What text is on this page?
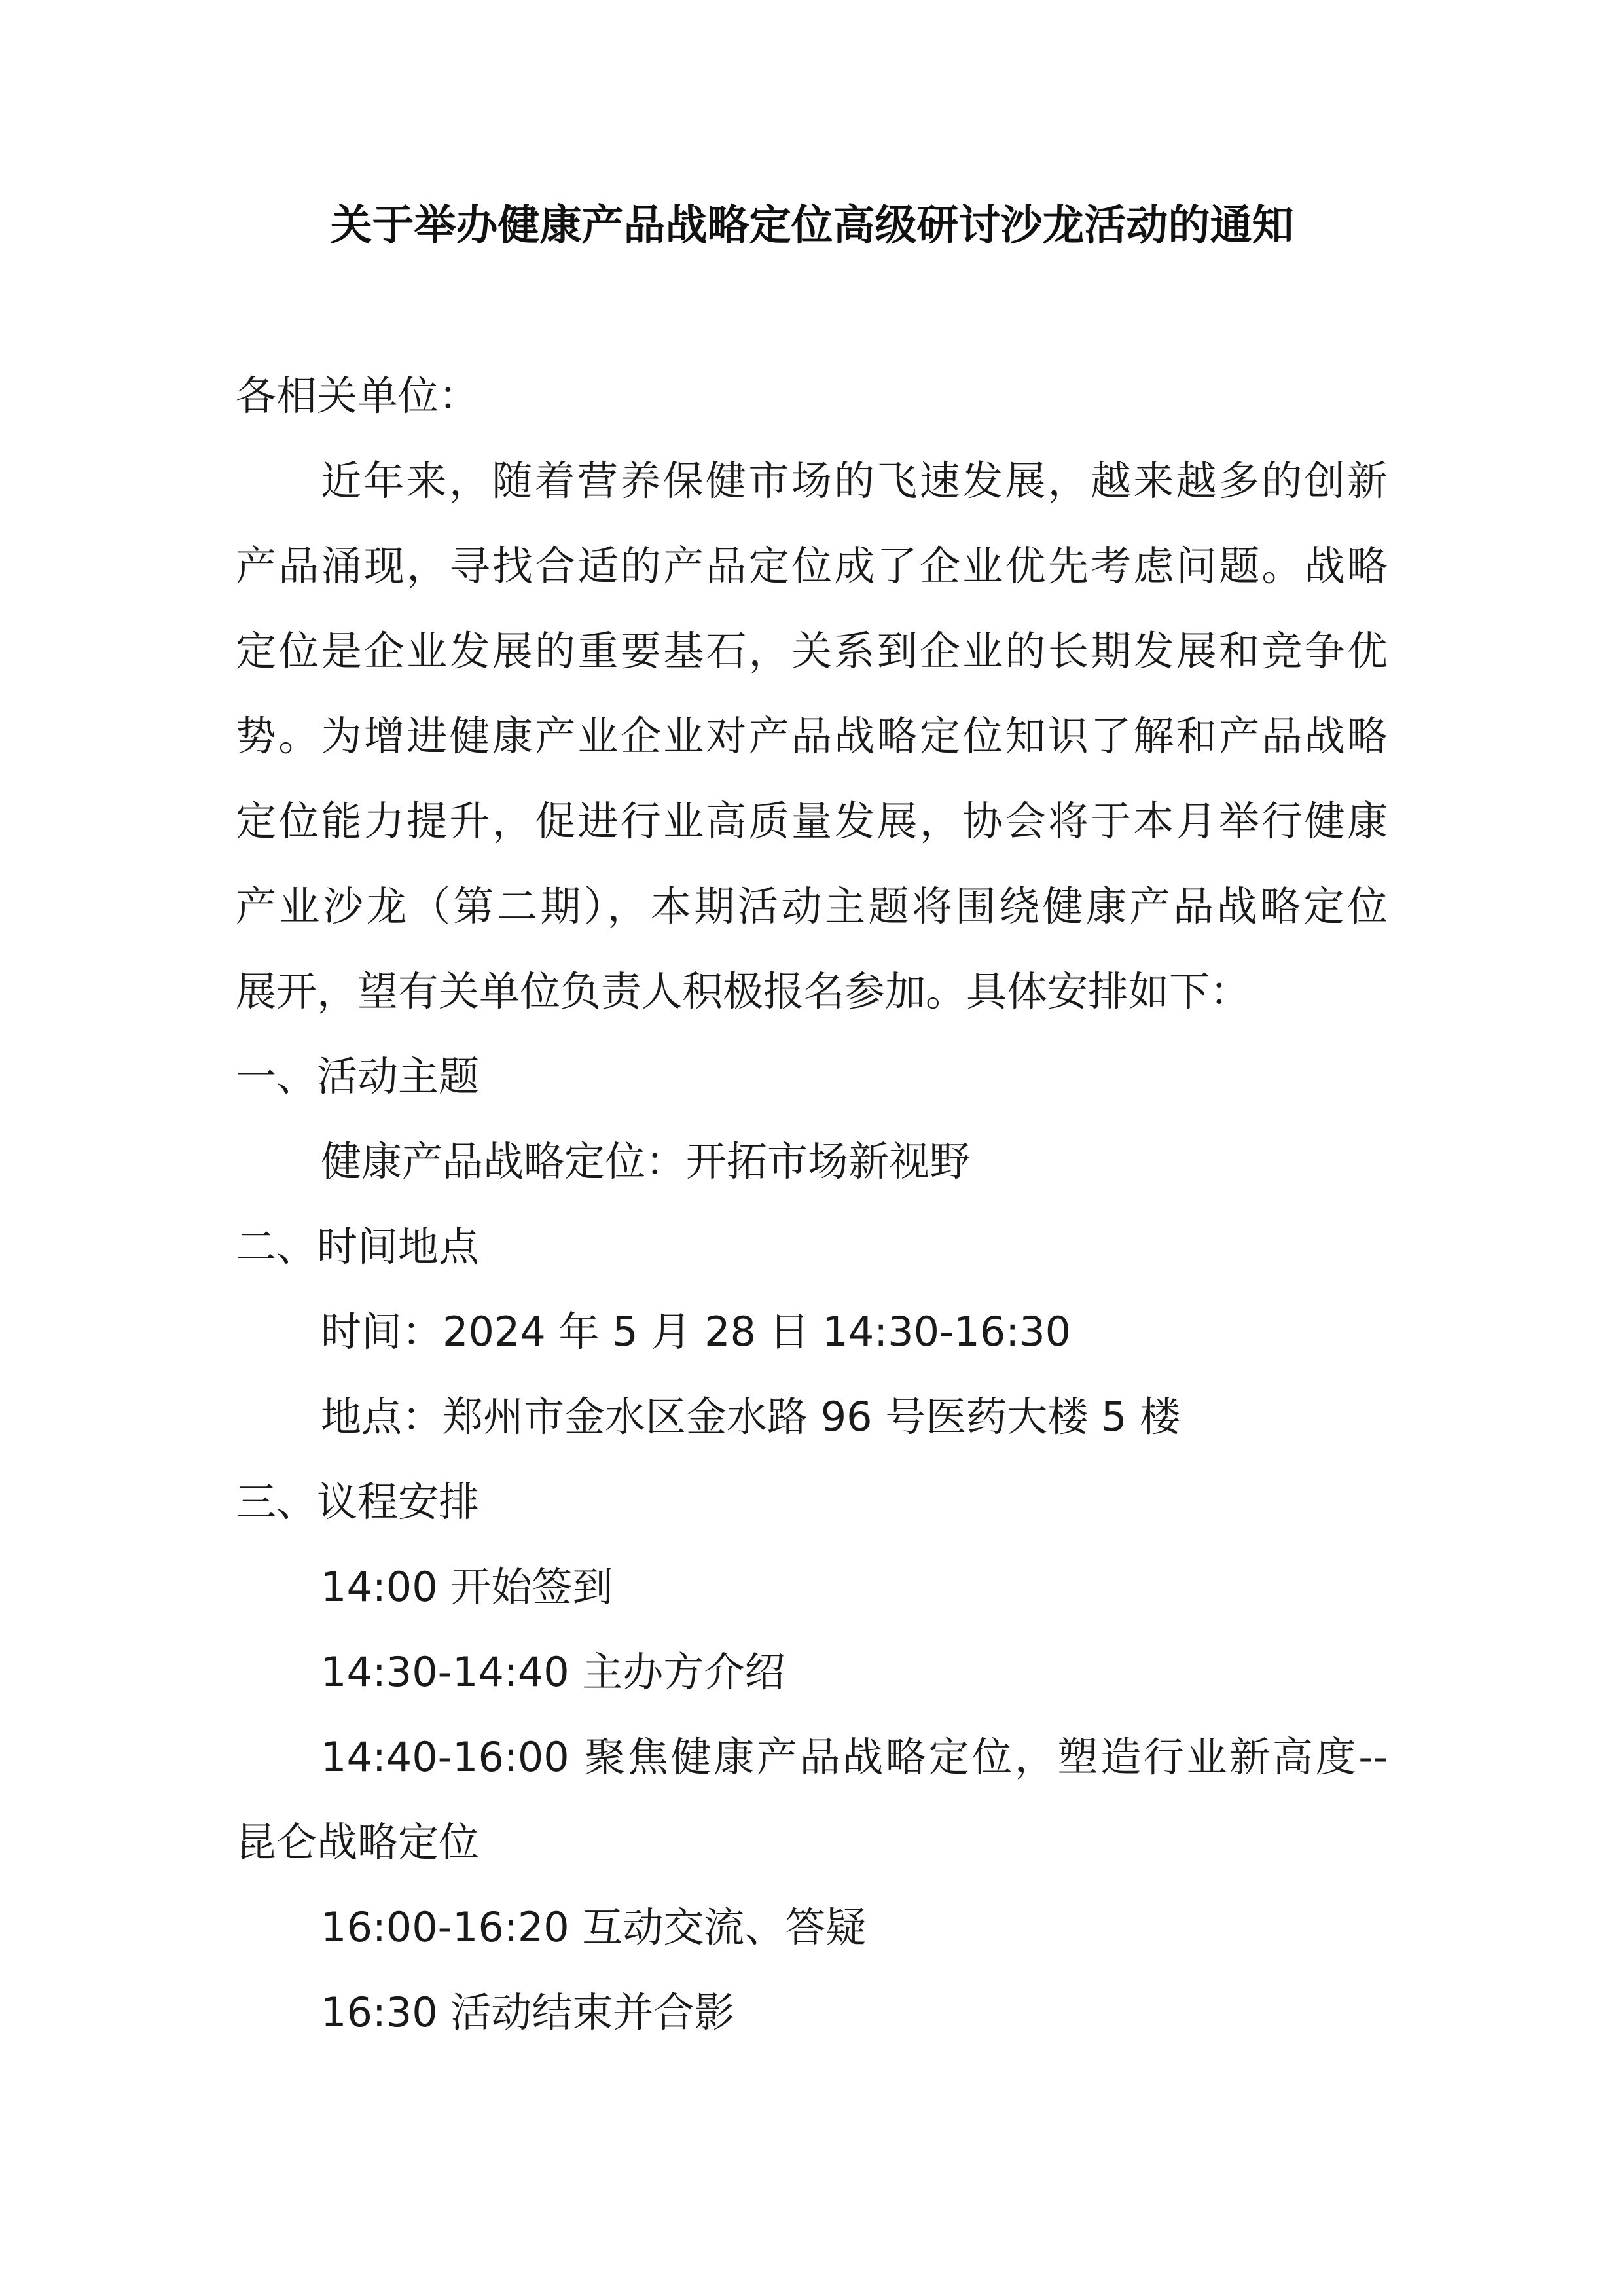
关于举办健康产品战略定位高级研讨沙龙活动的通知
各相关单位：
近年来，随着营养保健市场的飞速发展，越来越多的创新
产品涌现，寻找合适的产品定位成了企业优先考虑问题。战略
定位是企业发展的重要基石，关系到企业的长期发展和竞争优
势。为增进健康产业企业对产品战略定位知识了解和产品战略
定位能力提升，促进行业高质量发展，协会将于本月举行健康
产业沙龙（第二期），本期活动主题将围绕健康产品战略定位
展开，望有关单位负责人积极报名参加。具体安排如下：
一、活动主题
健康产品战略定位：开拓市场新视野
二、时间地点
时间：2024 年 5 月 28 日 14:30-16:30
地点：郑州市金水区金水路 96 号医药大楼 5 楼
三、议程安排
14:00 开始签到
14:30-14:40 主办方介绍
14:40-16:00 聚焦健康产品战略定位，塑造行业新高度--
昆仑战略定位
16:00-16:20 互动交流、答疑
16:30 活动结束并合影
